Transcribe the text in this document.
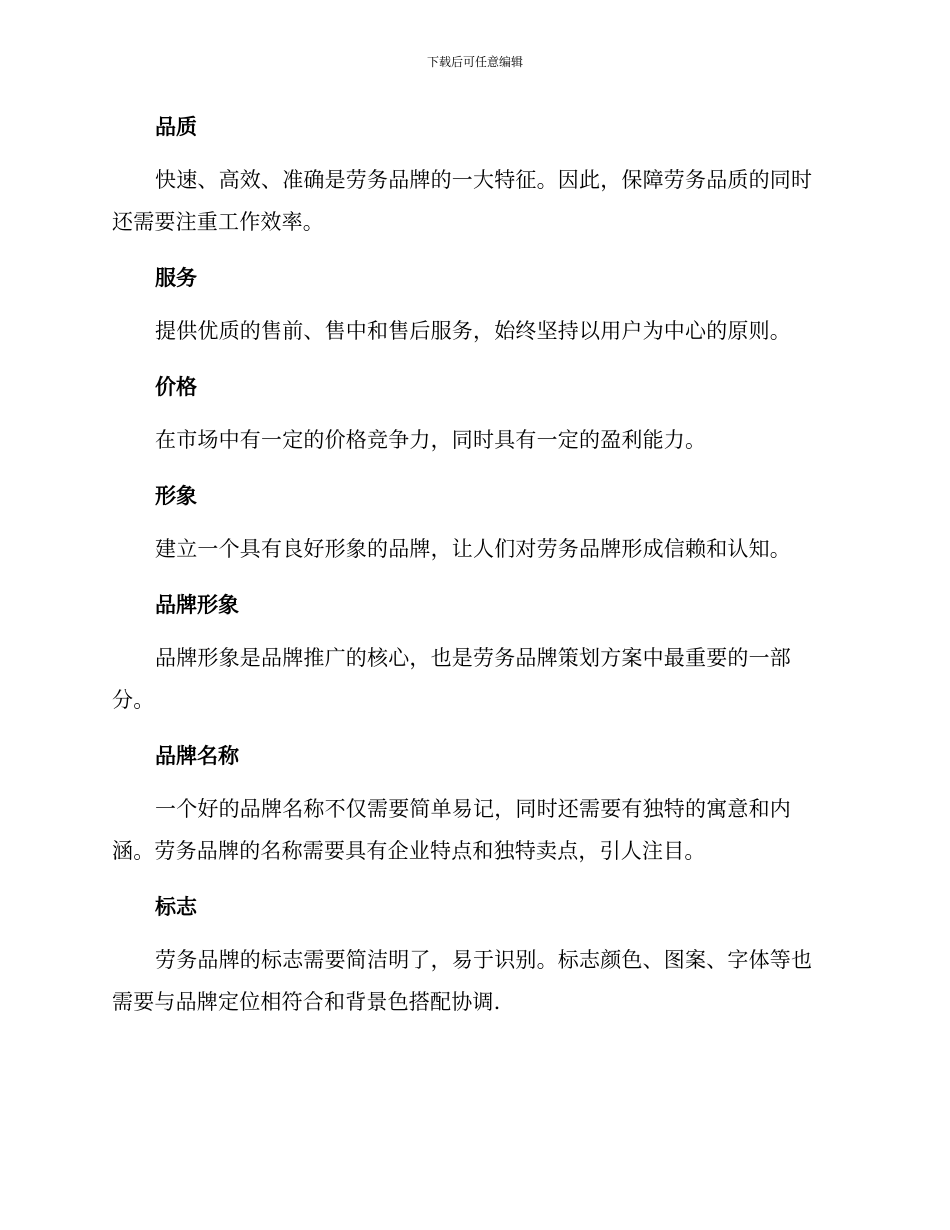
下载后可任意编辑
品质

快速、高效、准确是劳务品牌的一大特征。因此，保障劳务品质的同时还需要注重工作效率。

服务

提供优质的售前、售中和售后服务，始终坚持以用户为中心的原则。

价格

在市场中有一定的价格竞争力，同时具有一定的盈利能力。

形象

建立一个具有良好形象的品牌，让人们对劳务品牌形成信赖和认知。

品牌形象

品牌形象是品牌推广的核心，也是劳务品牌策划方案中最重要的一部分。

品牌名称

一个好的品牌名称不仅需要简单易记，同时还需要有独特的寓意和内涵。劳务品牌的名称需要具有企业特点和独特卖点，引人注目。

标志

劳务品牌的标志需要简洁明了，易于识别。标志颜色、图案、字体等也需要与品牌定位相符合和背景色搭配协调.
